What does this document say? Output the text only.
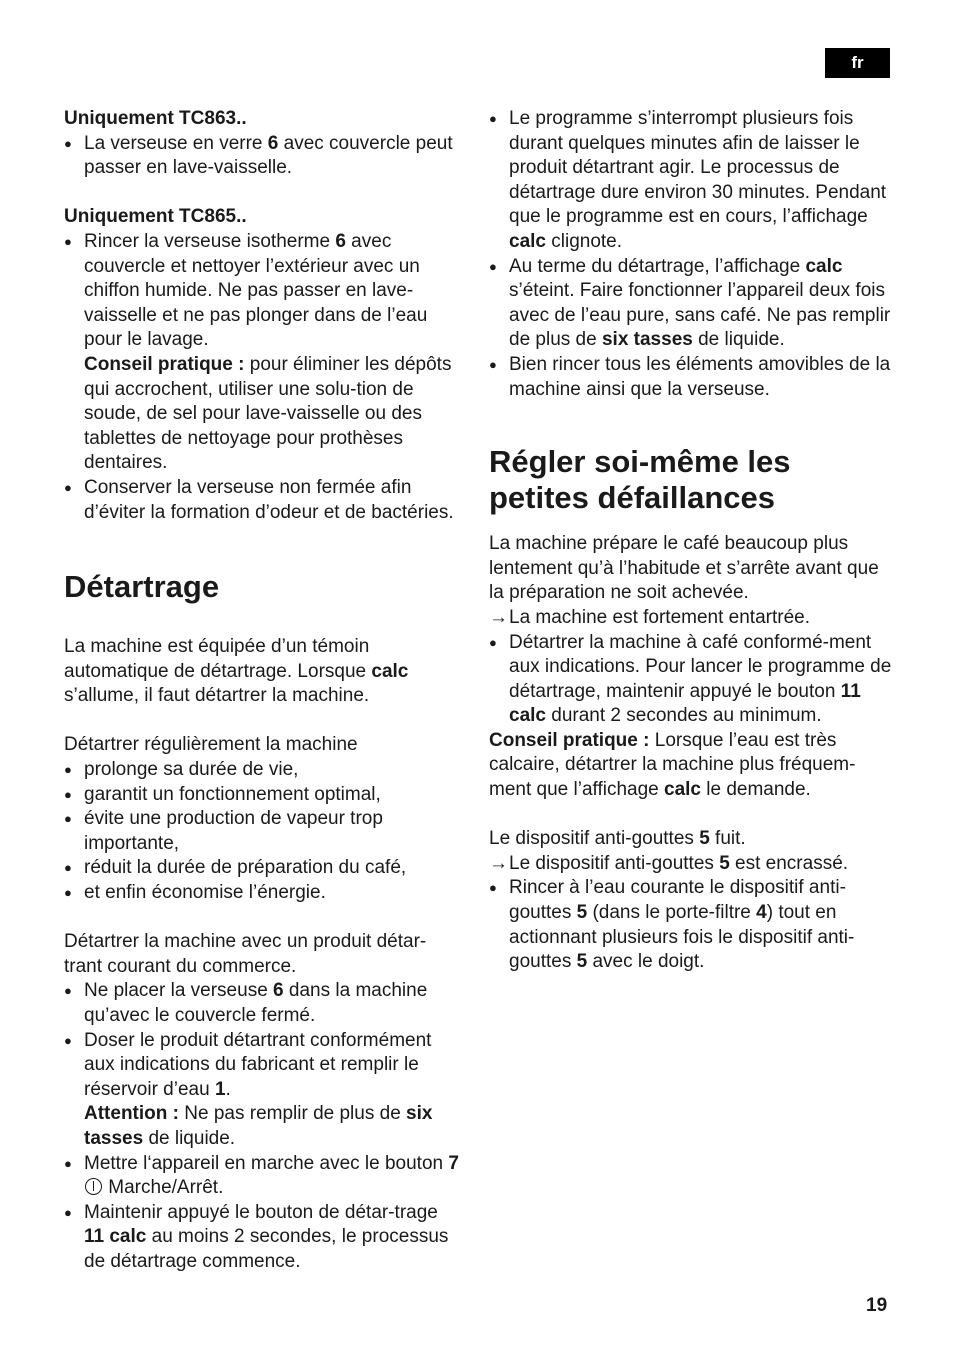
fr

Uniquement TC863..

● La verseuse en verre 6 avec couvercle peut passer en lave-vaisselle.

Uniquement TC865..

● Rincer la verseuse isotherme 6 avec couvercle et nettoyer l’extérieur avec un chiffon humide. Ne pas passer en lave-vaisselle et ne pas plonger dans de l’eau pour le lavage.
Conseil pratique : pour éliminer les dépôts qui accrochent, utiliser une solu-tion de soude, de sel pour lave-vaisselle ou des tablettes de nettoyage pour prothèses dentaires.
● Conserver la verseuse non fermée afin d’éviter la formation d’odeur et de bactéries.
Détartrage

La machine est équipée d’un témoin automatique de détartrage. Lorsque calc s’allume, il faut détartrer la machine.

Détartrer régulièrement la machine

● prolonge sa durée de vie,
● garantit un fonctionnement optimal,
● évite une production de vapeur trop importante,
● réduit la durée de préparation du café,
● et enfin économise l’énergie.

Détartrer la machine avec un produit détar-trant courant du commerce.

● Ne placer la verseuse 6 dans la machine qu’avec le couvercle fermé.
● Doser le produit détartrant conformément aux indications du fabricant et remplir le réservoir d’eau 1.
Attention : Ne pas remplir de plus de six tasses de liquide.
● Mettre l‘appareil en marche avec le bouton 7  Marche/Arrêt.
● Maintenir appuyé le bouton de détar-trage 11 calc au moins 2 secondes, le processus de détartrage commence.
● Le programme s’interrompt plusieurs fois durant quelques minutes afin de laisser le produit détartrant agir. Le processus de détartrage dure environ 30 minutes. Pendant que le programme est en cours, l’affichage calc clignote.
● Au terme du détartrage, l’affichage calc s’éteint. Faire fonctionner l’appareil deux fois avec de l’eau pure, sans café. Ne pas remplir de plus de six tasses de liquide.
● Bien rincer tous les éléments amovibles de la machine ainsi que la verseuse.
Régler soi-même les petites défaillances

La machine prépare le café beaucoup plus lentement qu’à l’habitude et s’arrête avant que la préparation ne soit achevée.

→ La machine est fortement entartrée.
● Détartrer la machine à café conformé-ment aux indications. Pour lancer le programme de détartrage, maintenir appuyé le bouton 11 calc durant 2 secondes au minimum.

Conseil pratique : Lorsque l’eau est très calcaire, détartrer la machine plus fréquem-ment que l’affichage calc le demande.

Le dispositif anti-gouttes 5 fuit.

→ Le dispositif anti-gouttes 5 est encrassé.
● Rincer à l’eau courante le dispositif anti-gouttes 5 (dans le porte-filtre 4) tout en actionnant plusieurs fois le dispositif anti-gouttes 5 avec le doigt.
19
